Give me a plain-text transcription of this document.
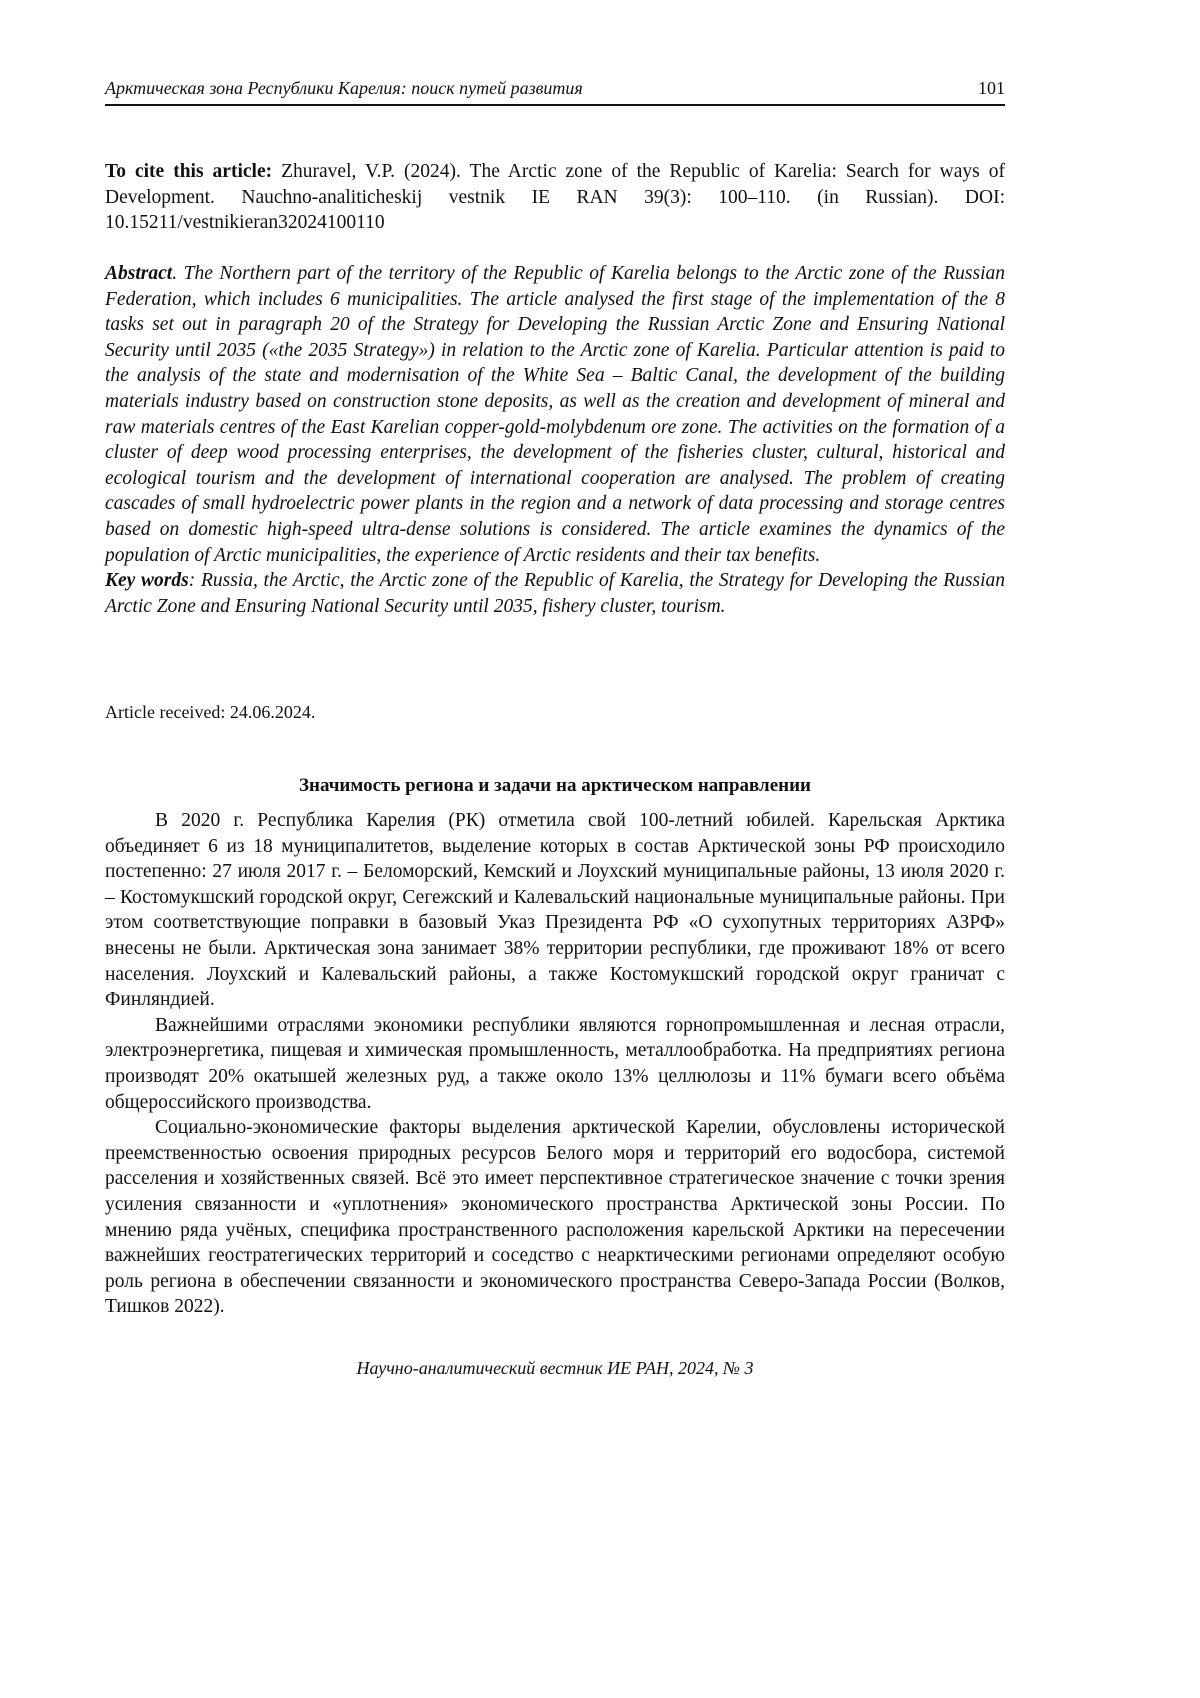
Арктическая зона Республики Карелия: поиск путей развития	101

To cite this article: Zhuravel, V.P. (2024). The Arctic zone of the Republic of Karelia: Search for ways of Development. Nauchno-analiticheskij vestnik IE RAN 39(3): 100–110. (in Russian). DOI: 10.15211/vestnikieran32024100110

Abstract. The Northern part of the territory of the Republic of Karelia belongs to the Arctic zone of the Russian Federation, which includes 6 municipalities. The article analysed the first stage of the implementation of the 8 tasks set out in paragraph 20 of the Strategy for Developing the Russian Arctic Zone and Ensuring National Security until 2035 («the 2035 Strategy») in relation to the Arctic zone of Karelia. Particular attention is paid to the analysis of the state and modernisation of the White Sea – Baltic Canal, the development of the building materials industry based on construction stone deposits, as well as the creation and development of mineral and raw materials centres of the East Karelian copper-gold-molybdenum ore zone. The activities on the formation of a cluster of deep wood processing enterprises, the development of the fisheries cluster, cultural, historical and ecological tourism and the development of international cooperation are analysed. The problem of creating cascades of small hydroelectric power plants in the region and a network of data processing and storage centres based on domestic high-speed ultra-dense solutions is considered. The article examines the dynamics of the population of Arctic municipalities, the experience of Arctic residents and their tax benefits.

Key words: Russia, the Arctic, the Arctic zone of the Republic of Karelia, the Strategy for Developing the Russian Arctic Zone and Ensuring National Security until 2035, fishery cluster, tourism.

Article received: 24.06.2024.
Значимость региона и задачи на арктическом направлении

В 2020 г. Республика Карелия (РК) отметила свой 100-летний юбилей. Карельская Арктика объединяет 6 из 18 муниципалитетов, выделение которых в состав Арктической зоны РФ происходило постепенно: 27 июля 2017 г. – Беломорский, Кемский и Лоухский муниципальные районы, 13 июля 2020 г. – Костомукшский городской округ, Сегежский и Калевальский национальные муниципальные районы. При этом соответствующие поправки в базовый Указ Президента РФ «О сухопутных территориях АЗРФ» внесены не были. Арктическая зона занимает 38% территории республики, где проживают 18% от всего населения. Лоухский и Калевальский районы, а также Костомукшский городской округ граничат с Финляндией.

Важнейшими отраслями экономики республики являются горнопромышленная и лесная отрасли, электроэнергетика, пищевая и химическая промышленность, металлообработка. На предприятиях региона производят 20% окатышей железных руд, а также около 13% целлюлозы и 11% бумаги всего объёма общероссийского производства.

Социально-экономические факторы выделения арктической Карелии, обусловлены исторической преемственностью освоения природных ресурсов Белого моря и территорий его водосбора, системой расселения и хозяйственных связей. Всё это имеет перспективное стратегическое значение с точки зрения усиления связанности и «уплотнения» экономического пространства Арктической зоны России. По мнению ряда учёных, специфика пространственного расположения карельской Арктики на пересечении важнейших геостратегических территорий и соседство с неарктическими регионами определяют особую роль региона в обеспечении связанности и экономического пространства Северо-Запада России (Волков, Тишков 2022).

Научно-аналитический вестник ИЕ РАН, 2024, № 3
